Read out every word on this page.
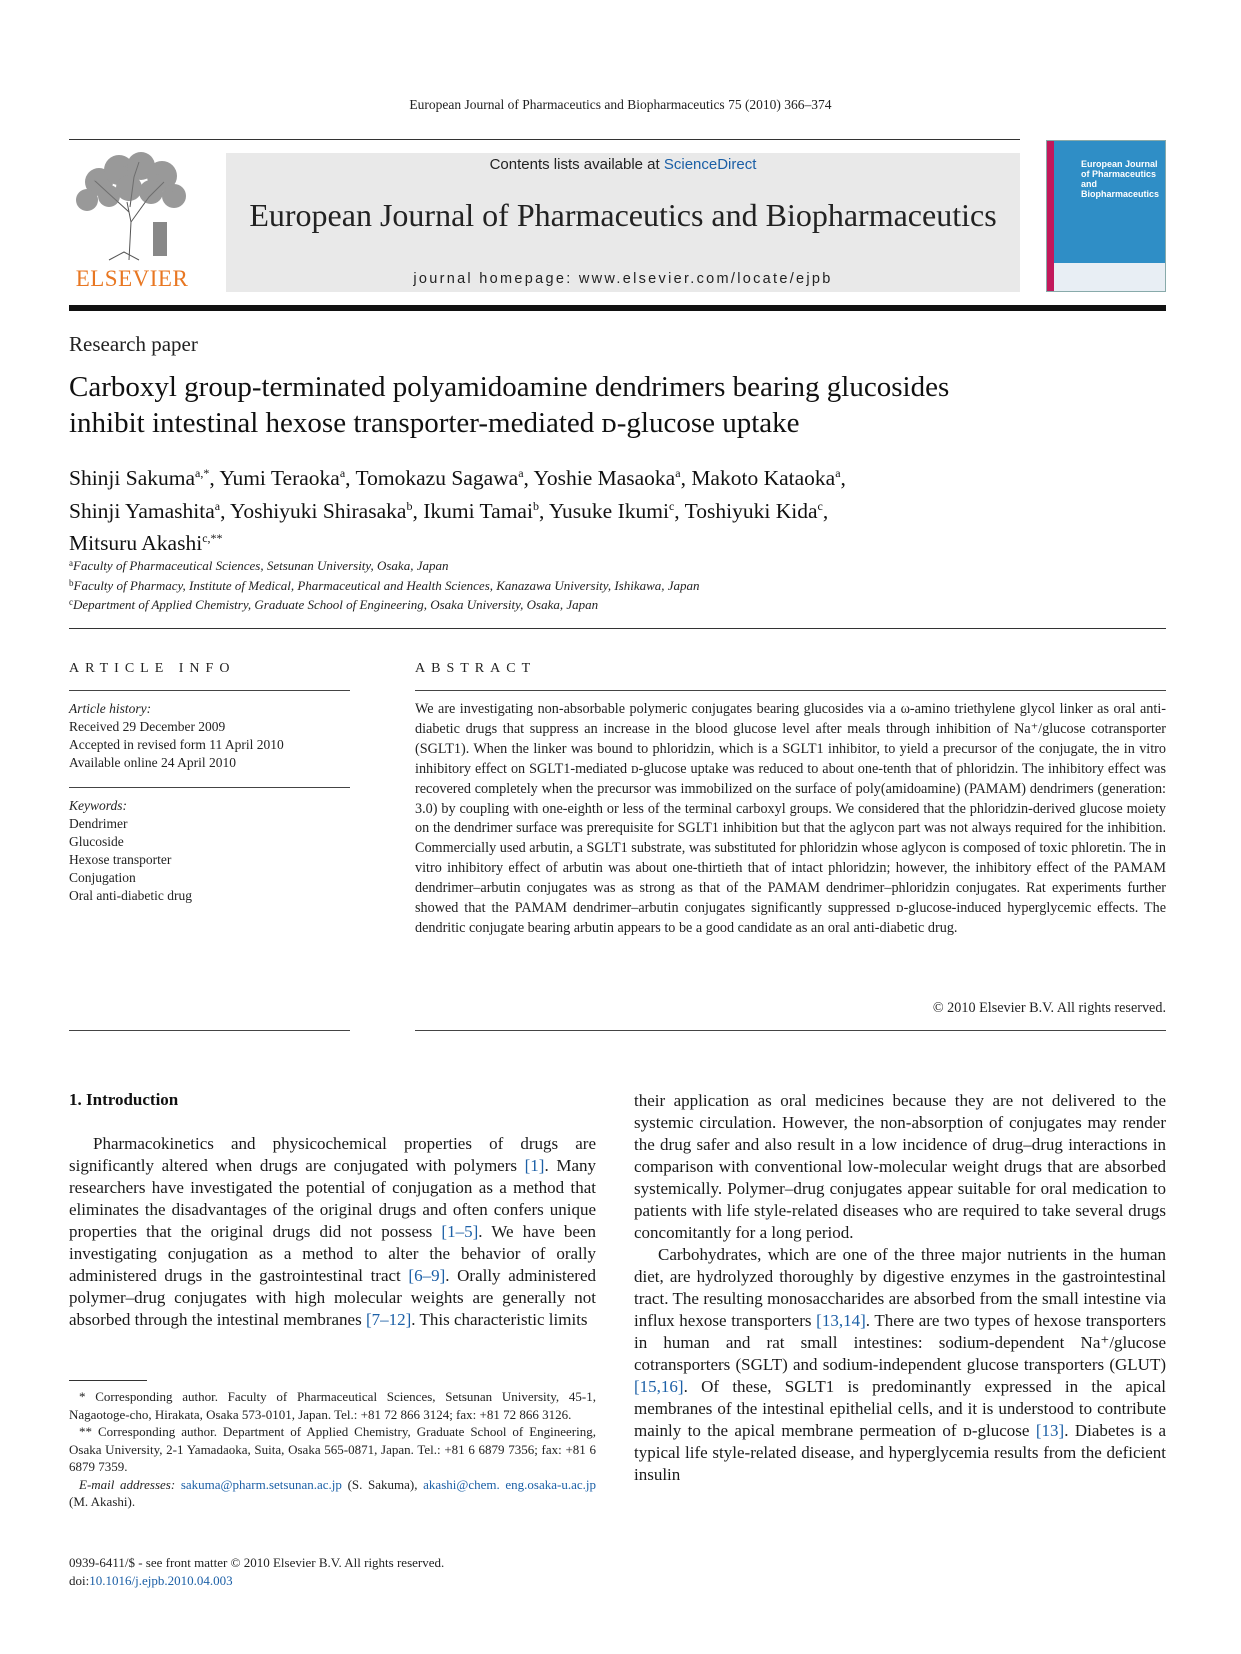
European Journal of Pharmaceutics and Biopharmaceutics 75 (2010) 366–374
ELSEVIER
Contents lists available at ScienceDirect
European Journal of Pharmaceutics and Biopharmaceutics
journal homepage: www.elsevier.com/locate/ejpb
European Journal of Pharmaceutics and Biopharmaceutics
Research paper
Carboxyl group-terminated polyamidoamine dendrimers bearing glucosides
inhibit intestinal hexose transporter-mediated ᴅ-glucose uptake
Shinji Sakuma$^{a,*}$, Yumi Teraoka$^a$, Tomokazu Sagawa$^a$, Yoshie Masaoka$^a$, Makoto Kataoka$^a$,
Shinji Yamashita$^a$, Yoshiyuki Shirasaka$^b$, Ikumi Tamai$^b$, Yusuke Ikumi$^c$, Toshiyuki Kida$^c$,
Mitsuru Akashi$^{c,**}$
$^a$Faculty of Pharmaceutical Sciences, Setsunan University, Osaka, Japan
$^b$Faculty of Pharmacy, Institute of Medical, Pharmaceutical and Health Sciences, Kanazawa University, Ishikawa, Japan
$^c$Department of Applied Chemistry, Graduate School of Engineering, Osaka University, Osaka, Japan
ARTICLE INFO	ABSTRACT
Article history:
Received 29 December 2009
Accepted in revised form 11 April 2010
Available online 24 April 2010
Keywords:
Dendrimer
Glucoside
Hexose transporter
Conjugation
Oral anti-diabetic drug
We are investigating non-absorbable polymeric conjugates bearing glucosides via a ω-amino triethylene glycol linker as oral anti-diabetic drugs that suppress an increase in the blood glucose level after meals through inhibition of Na⁺/glucose cotransporter (SGLT1). When the linker was bound to phloridzin, which is a SGLT1 inhibitor, to yield a precursor of the conjugate, the in vitro inhibitory effect on SGLT1-mediated ᴅ-glucose uptake was reduced to about one-tenth that of phloridzin. The inhibitory effect was recovered completely when the precursor was immobilized on the surface of poly(amidoamine) (PAMAM) dendrimers (generation: 3.0) by coupling with one-eighth or less of the terminal carboxyl groups. We considered that the phloridzin-derived glucose moiety on the dendrimer surface was prerequisite for SGLT1 inhibition but that the aglycon part was not always required for the inhibition. Commercially used arbutin, a SGLT1 substrate, was substituted for phloridzin whose aglycon is composed of toxic phloretin. The in vitro inhibitory effect of arbutin was about one-thirtieth that of intact phloridzin; however, the inhibitory effect of the PAMAM dendrimer–arbutin conjugates was as strong as that of the PAMAM dendrimer–phloridzin conjugates. Rat experiments further showed that the PAMAM dendrimer–arbutin conjugates significantly suppressed ᴅ-glucose-induced hyperglycemic effects. The dendritic conjugate bearing arbutin appears to be a good candidate as an oral anti-diabetic drug.
© 2010 Elsevier B.V. All rights reserved.
1. Introduction
Pharmacokinetics and physicochemical properties of drugs are significantly altered when drugs are conjugated with polymers [1]. Many researchers have investigated the potential of conjugation as a method that eliminates the disadvantages of the original drugs and often confers unique properties that the original drugs did not possess [1–5]. We have been investigating conjugation as a method to alter the behavior of orally administered drugs in the gastrointestinal tract [6–9]. Orally administered polymer–drug conjugates with high molecular weights are generally not absorbed through the intestinal membranes [7–12]. This characteristic limits

their application as oral medicines because they are not delivered to the systemic circulation. However, the non-absorption of conjugates may render the drug safer and also result in a low incidence of drug–drug interactions in comparison with conventional low-molecular weight drugs that are absorbed systemically. Polymer–drug conjugates appear suitable for oral medication to patients with life style-related diseases who are required to take several drugs concomitantly for a long period.

Carbohydrates, which are one of the three major nutrients in the human diet, are hydrolyzed thoroughly by digestive enzymes in the gastrointestinal tract. The resulting monosaccharides are absorbed from the small intestine via influx hexose transporters [13,14]. There are two types of hexose transporters in human and rat small intestines: sodium-dependent Na⁺/glucose cotransporters (SGLT) and sodium-independent glucose transporters (GLUT) [15,16]. Of these, SGLT1 is predominantly expressed in the apical membranes of the intestinal epithelial cells, and it is understood to contribute mainly to the apical membrane permeation of ᴅ-glucose [13]. Diabetes is a typical life style-related disease, and hyperglycemia results from the deficient insulin

* Corresponding author. Faculty of Pharmaceutical Sciences, Setsunan University, 45-1, Nagaotoge-cho, Hirakata, Osaka 573-0101, Japan. Tel.: +81 72 866 3124; fax: +81 72 866 3126.

** Corresponding author. Department of Applied Chemistry, Graduate School of Engineering, Osaka University, 2-1 Yamadaoka, Suita, Osaka 565-0871, Japan. Tel.: +81 6 6879 7356; fax: +81 6 6879 7359.

E-mail addresses: sakuma@pharm.setsunan.ac.jp (S. Sakuma), akashi@chem. eng.osaka-u.ac.jp (M. Akashi).

0939-6411/$ - see front matter © 2010 Elsevier B.V. All rights reserved.
doi:10.1016/j.ejpb.2010.04.003
